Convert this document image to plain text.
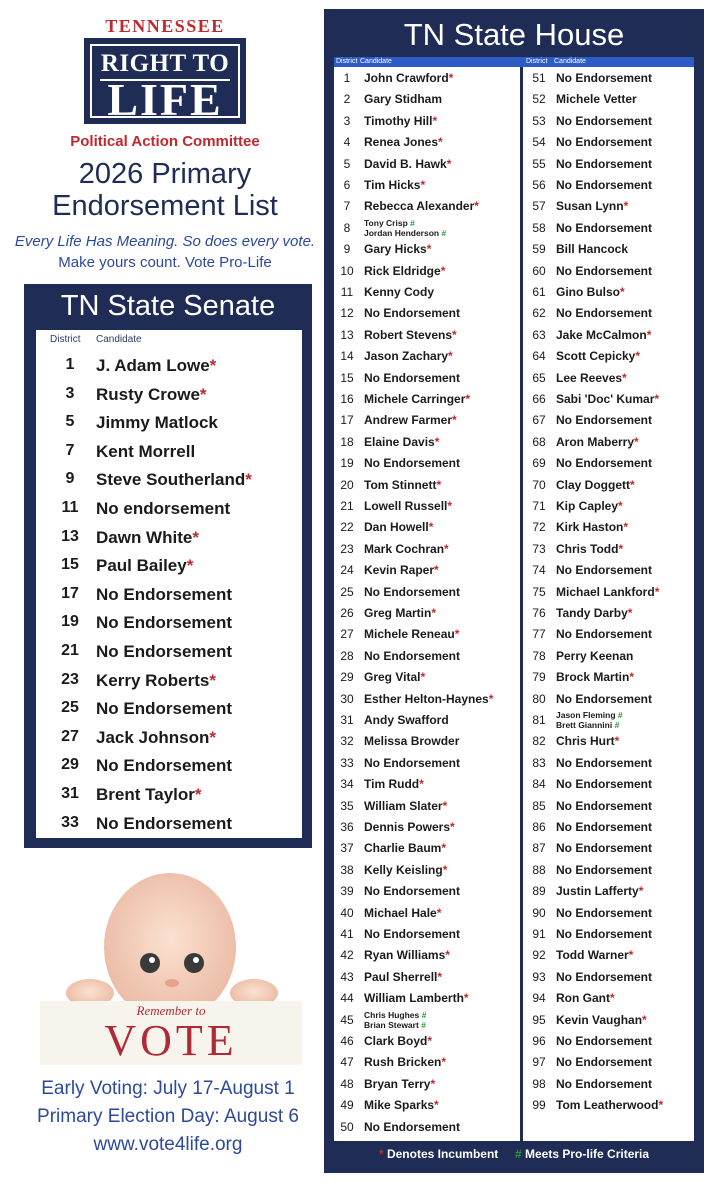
TENNESSEE
RIGHT TO
LIFE
Political Action Committee
2026 Primary
Endorsement List
Every Life Has Meaning. So does every vote.
Make yours count. Vote Pro-Life
TN State Senate
District Candidate
1	J. Adam Lowe*
3	Rusty Crowe*
5	Jimmy Matlock
7	Kent Morrell
9	Steve Southerland*
11	No endorsement
13	Dawn White*
15	Paul Bailey*
17	No Endorsement
19	No Endorsement
21	No Endorsement
23	Kerry Roberts*
25	No Endorsement
27	Jack Johnson*
29	No Endorsement
31	Brent Taylor*
33	No Endorsement
Remember to
VOTE
Early Voting: July 17-August 1
Primary Election Day: August 6
www.vote4life.org
TN State House
District Candidate	District Candidate
1	John Crawford*
2	Gary Stidham
3	Timothy Hill*
4	Renea Jones*
5	David B. Hawk*
6	Tim Hicks*
7	Rebecca Alexander*
8	Tony Crisp #
Jordan Henderson #
9	Gary Hicks*
10 Rick Eldridge*
11 Kenny Cody
12 No Endorsement
13 Robert Stevens*
14 Jason Zachary*
15 No Endorsement
16 Michele Carringer*
17 Andrew Farmer*
18 Elaine Davis*
19 No Endorsement
20 Tom Stinnett*
21 Lowell Russell*
22 Dan Howell*
23 Mark Cochran*
24 Kevin Raper*
25 No Endorsement
26 Greg Martin*
27 Michele Reneau*
28 No Endorsement
29 Greg Vital*
30 Esther Helton-Haynes*
31 Andy Swafford
32 Melissa Browder
33 No Endorsement
34 Tim Rudd*
35 William Slater*
36 Dennis Powers*
37 Charlie Baum*
38 Kelly Keisling*
39 No Endorsement
40 Michael Hale*
41 No Endorsement
42 Ryan Williams*
43 Paul Sherrell*
44 William Lamberth*
45	Chris Hughes #
Brian Stewart #
46 Clark Boyd*
47 Rush Bricken*
48 Bryan Terry*
49 Mike Sparks*
50 No Endorsement
51 No Endorsement
52 Michele Vetter
53 No Endorsement
54 No Endorsement
55 No Endorsement
56 No Endorsement
57 Susan Lynn*
58 No Endorsement
59 Bill Hancock
60 No Endorsement
61 Gino Bulso*
62 No Endorsement
63 Jake McCalmon*
64 Scott Cepicky*
65 Lee Reeves*
66 Sabi 'Doc' Kumar*
67 No Endorsement
68 Aron Maberry*
69 No Endorsement
70 Clay Doggett*
71 Kip Capley*
72 Kirk Haston*
73 Chris Todd*
74 No Endorsement
75 Michael Lankford*
76 Tandy Darby*
77 No Endorsement
78 Perry Keenan
79 Brock Martin*
80 No Endorsement
81	Jason Fleming #
Brett Giannini #
82 Chris Hurt*
83 No Endorsement
84 No Endorsement
85 No Endorsement
86 No Endorsement
87 No Endorsement
88 No Endorsement
89 Justin Lafferty*
90 No Endorsement
91 No Endorsement
92 Todd Warner*
93 No Endorsement
94 Ron Gant*
95 Kevin Vaughan*
96 No Endorsement
97 No Endorsement
98 No Endorsement
99 Tom Leatherwood*
* Denotes Incumbent # Meets Pro-life Criteria
